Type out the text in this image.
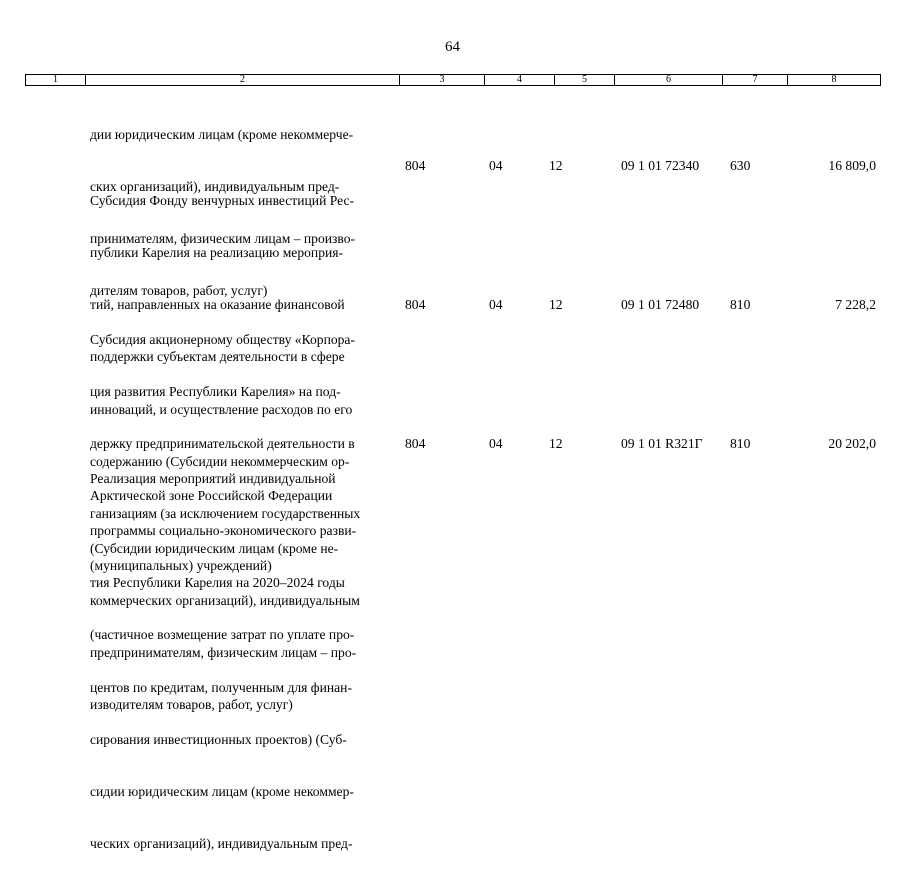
64
1	2	3	4	5	6	7	8

дии юридическим лицам (кроме некоммерче-

ских организаций), индивидуальным пред-

принимателям, физическим лицам – произво-

дителям товаров, работ, услуг)

Субсидия Фонду венчурных инвестиций Рес-

публики Карелия на реализацию мероприя-

тий, направленных на оказание финансовой

поддержки субъектам деятельности в сфере

инноваций, и осуществление расходов по его

содержанию (Субсидии некоммерческим ор-

ганизациям (за исключением государственных

(муниципальных) учреждений)

804	04	12	09 1 01 72340 630	16 809,0

Субсидия акционерному обществу «Корпора-

ция развития Республики Карелия» на под-

держку предпринимательской деятельности в

Арктической зоне Российской Федерации

(Субсидии юридическим лицам (кроме не-

коммерческих организаций), индивидуальным

предпринимателям, физическим лицам – про-

изводителям товаров, работ, услуг)

804	04	12	09 1 01 72480 810	7 228,2

Реализация мероприятий индивидуальной

программы социально-экономического разви-

тия Республики Карелия на 2020–2024 годы

(частичное возмещение затрат по уплате про-

центов по кредитам, полученным для финан-

сирования инвестиционных проектов) (Суб-

сидии юридическим лицам (кроме некоммер-

ческих организаций), индивидуальным пред-

804	04	12	09 1 01 R321Г 810	20 202,0
